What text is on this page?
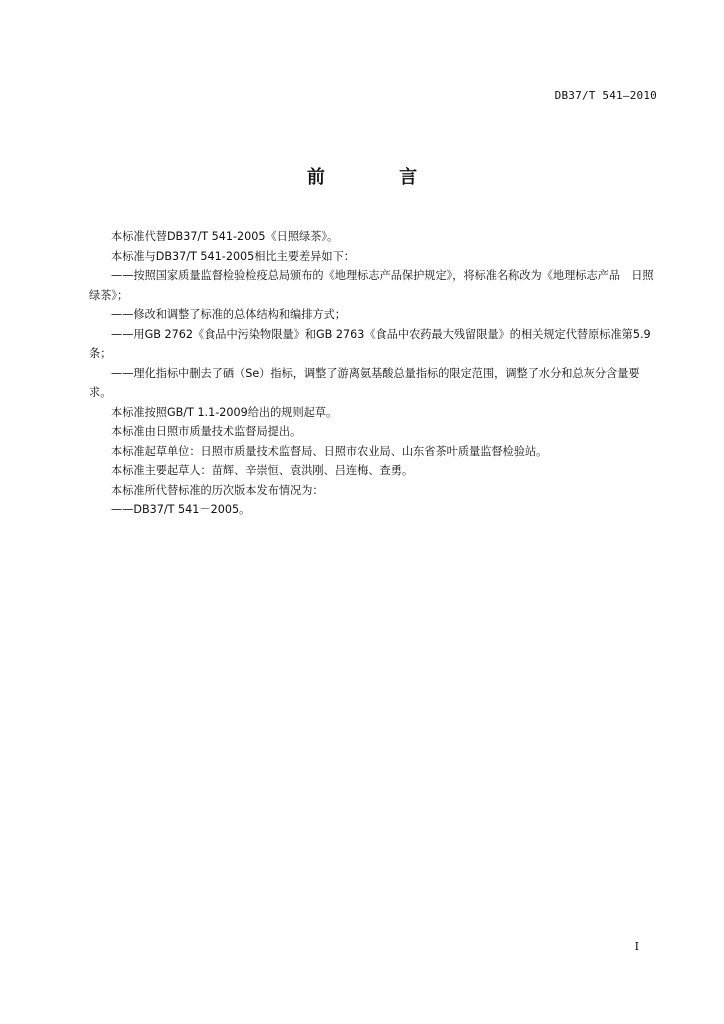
DB37/T 541—2010
前 言

本标准代替DB37/T 541-2005《日照绿茶》。

本标准与DB37/T 541-2005相比主要差异如下：

——按照国家质量监督检验检疫总局颁布的《地理标志产品保护规定》，将标准名称改为《地理标志产品　日照绿茶》；

——修改和调整了标准的总体结构和编排方式；

——用GB 2762《食品中污染物限量》和GB 2763《食品中农药最大残留限量》的相关规定代替原标准第5.9条；

——理化指标中删去了硒（Se）指标，调整了游离氨基酸总量指标的限定范围，调整了水分和总灰分含量要求。

本标准按照GB/T 1.1-2009给出的规则起草。

本标准由日照市质量技术监督局提出。

本标准起草单位：日照市质量技术监督局、日照市农业局、山东省茶叶质量监督检验站。

本标准主要起草人：苗辉、辛崇恒、袁洪刚、吕连梅、查勇。

本标准所代替标准的历次版本发布情况为：

——DB37/T 541－2005。

I
